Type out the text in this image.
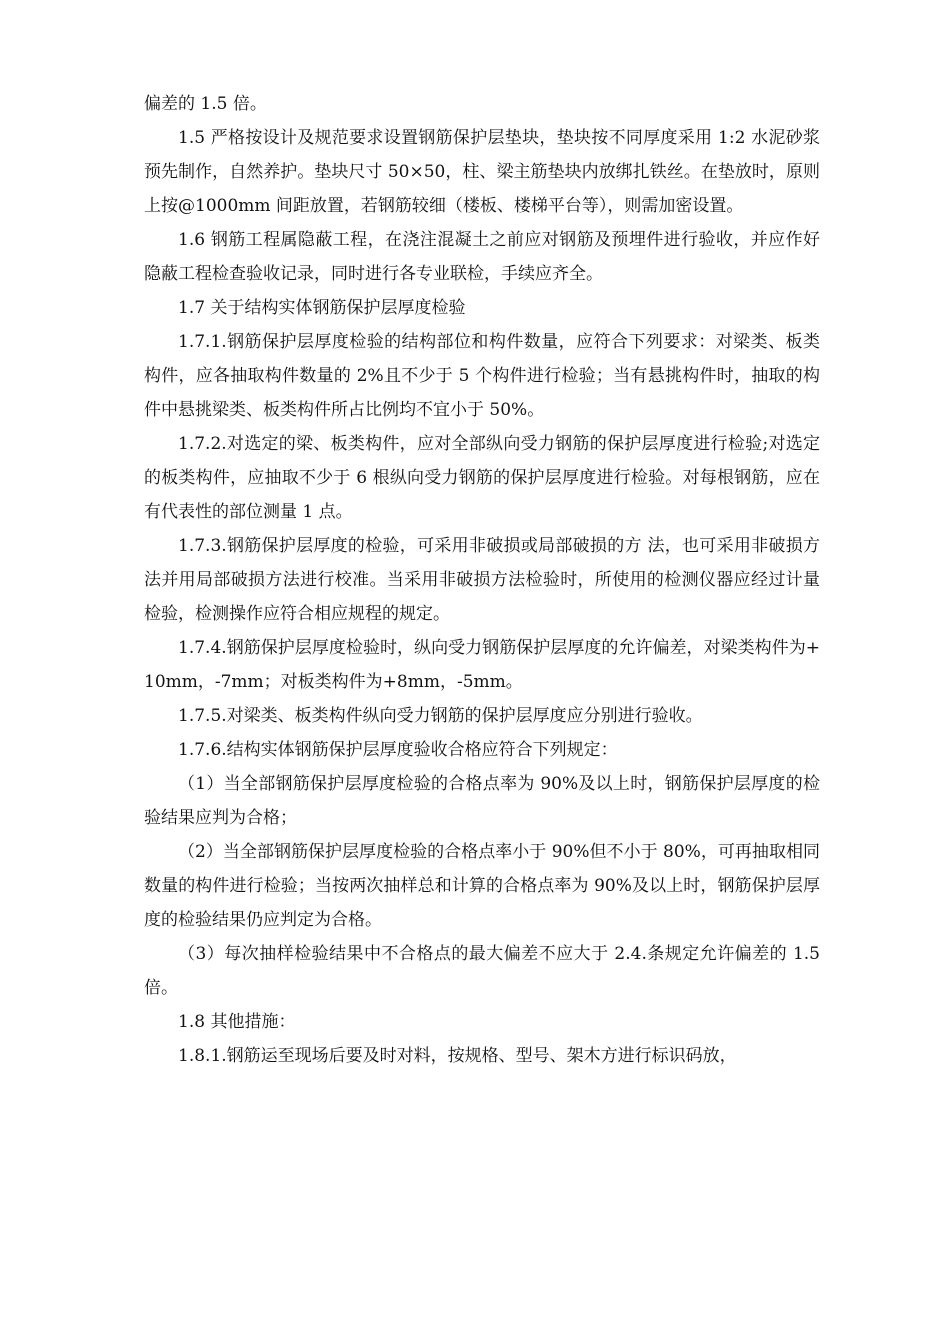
偏差的 1.5 倍。

1.5 严格按设计及规范要求设置钢筋保护层垫块，垫块按不同厚度采用 1:2 水泥砂浆预先制作，自然养护。垫块尺寸 50×50，柱、梁主筋垫块内放绑扎铁丝。在垫放时，原则上按@1000mm 间距放置，若钢筋较细（楼板、楼梯平台等），则需加密设置。

1.6 钢筋工程属隐蔽工程，在浇注混凝土之前应对钢筋及预埋件进行验收，并应作好隐蔽工程检查验收记录，同时进行各专业联检，手续应齐全。

1.7 关于结构实体钢筋保护层厚度检验

1.7.1.钢筋保护层厚度检验的结构部位和构件数量，应符合下列要求：对梁类、板类构件，应各抽取构件数量的 2%且不少于 5 个构件进行检验；当有悬挑构件时，抽取的构件中悬挑梁类、板类构件所占比例均不宜小于 50%。

1.7.2.对选定的梁、板类构件，应对全部纵向受力钢筋的保护层厚度进行检验;对选定的板类构件，应抽取不少于 6 根纵向受力钢筋的保护层厚度进行检验。对每根钢筋，应在有代表性的部位测量 1 点。

1.7.3.钢筋保护层厚度的检验，可采用非破损或局部破损的方 法，也可采用非破损方法并用局部破损方法进行校准。当采用非破损方法检验时，所使用的检测仪器应经过计量检验，检测操作应符合相应规程的规定。

1.7.4.钢筋保护层厚度检验时，纵向受力钢筋保护层厚度的允许偏差，对梁类构件为+10mm，-7mm；对板类构件为+8mm，-5mm。

1.7.5.对梁类、板类构件纵向受力钢筋的保护层厚度应分别进行验收。

1.7.6.结构实体钢筋保护层厚度验收合格应符合下列规定：

（1）当全部钢筋保护层厚度检验的合格点率为 90%及以上时，钢筋保护层厚度的检验结果应判为合格；

（2）当全部钢筋保护层厚度检验的合格点率小于 90%但不小于 80%，可再抽取相同数量的构件进行检验；当按两次抽样总和计算的合格点率为 90%及以上时，钢筋保护层厚度的检验结果仍应判定为合格。

（3）每次抽样检验结果中不合格点的最大偏差不应大于 2.4.条规定允许偏差的 1.5 倍。

1.8 其他措施：

1.8.1.钢筋运至现场后要及时对料，按规格、型号、架木方进行标识码放，
